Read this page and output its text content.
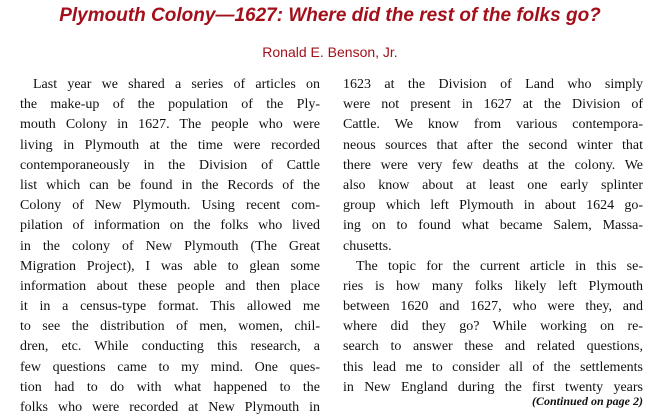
Plymouth Colony—1627: Where did the rest of the folks go?
Ronald E. Benson, Jr.
Last year we shared a series of articles on
the make-up of the population of the Ply-
mouth Colony in 1627. The people who were
living in Plymouth at the time were recorded
contemporaneously in the Division of Cattle
list which can be found in the Records of the
Colony of New Plymouth. Using recent com-
pilation of information on the folks who lived
in the colony of New Plymouth (The Great
Migration Project), I was able to glean some
information about these people and then place
it in a census-type format. This allowed me
to see the distribution of men, women, chil-
dren, etc. While conducting this research, a
few questions came to my mind. One ques-
tion had to do with what happened to the
folks who were recorded at New Plymouth in
1623 at the Division of Land who simply
were not present in 1627 at the Division of
Cattle. We know from various contempora-
neous sources that after the second winter that
there were very few deaths at the colony. We
also know about at least one early splinter
group which left Plymouth in about 1624 go-
ing on to found what became Salem, Massa-
chusetts.
The topic for the current article in this se-
ries is how many folks likely left Plymouth
between 1620 and 1627, who were they, and
where did they go? While working on re-
search to answer these and related questions,
this lead me to consider all of the settlements
in New England during the first twenty years
(Continued on page 2)
